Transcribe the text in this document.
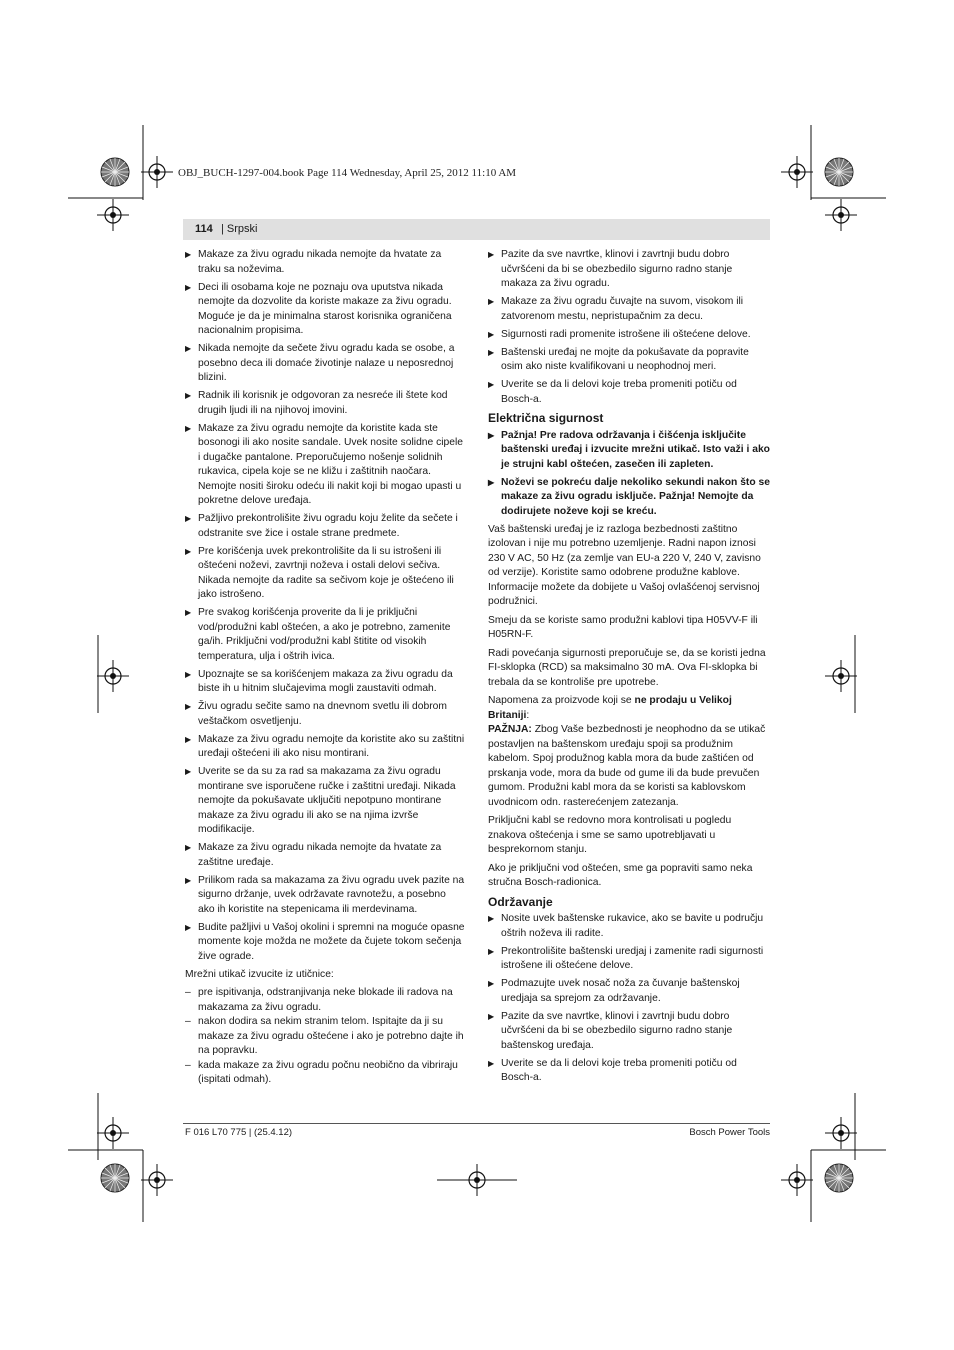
OBJ_BUCH-1297-004.book Page 114 Wednesday, April 25, 2012 11:10 AM
114 | Srpski
▶ Makaze za živu ogradu nikada nemojte da hvatate za traku sa noževima.
▶ Deci ili osobama koje ne poznaju ova uputstva nikada nemojte da dozvolite da koriste makaze za živu ogradu. Moguće je da je minimalna starost korisnika ograničena nacionalnim propisima.
▶ Nikada nemojte da sečete živu ogradu kada se osobe, a posebno deca ili domaće životinje nalaze u neposrednoj blizini.
▶ Radnik ili korisnik je odgovoran za nesreće ili štete kod drugih ljudi ili na njihovoj imovini.
▶ Makaze za živu ogradu nemojte da koristite kada ste bosonogi ili ako nosite sandale. Uvek nosite solidne cipele i dugačke pantalone. Preporučujemo nošenje solidnih rukavica, cipela koje se ne kližu i zaštitnih naočara. Nemojte nositi široku odeću ili nakit koji bi mogao upasti u pokretne delove uređaja.
▶ Pažljivo prekontrolišite živu ogradu koju želite da sečete i odstranite sve žice i ostale strane predmete.
▶ Pre korišćenja uvek prekontrolišite da li su istrošeni ili oštećeni noževi, zavrtnji noževa i ostali delovi sečiva. Nikada nemojte da radite sa sečivom koje je oštećeno ili jako istrošeno.
▶ Pre svakog korišćenja proverite da li je priključni vod/produžni kabl oštećen, a ako je potrebno, zamenite ga/ih. Priključni vod/produžni kabl štitite od visokih temperatura, ulja i oštrih ivica.
▶ Upoznajte se sa korišćenjem makaza za živu ogradu da biste ih u hitnim slučajevima mogli zaustaviti odmah.
▶ Živu ogradu sečite samo na dnevnom svetlu ili dobrom veštačkom osvetljenju.
▶ Makaze za živu ogradu nemojte da koristite ako su zaštitni uređaji oštećeni ili ako nisu montirani.
▶ Uverite se da su za rad sa makazama za živu ogradu montirane sve isporučene ručke i zaštitni uređaji. Nikada nemojte da pokušavate uključiti nepotpuno montirane makaze za živu ogradu ili ako se na njima izvrše modifikacije.
▶ Makaze za živu ogradu nikada nemojte da hvatate za zaštitne uređaje.
▶ Prilikom rada sa makazama za živu ogradu uvek pazite na sigurno držanje, uvek održavate ravnotežu, a posebno ako ih koristite na stepenicama ili merdevinama.
▶ Budite pažljivi u Vašoj okolini i spremni na moguće opasne momente koje možda ne možete da čujete tokom sečenja žive ograde.

Mrežni utikač izvucite iz utičnice:

– pre ispitivanja, odstranjivanja neke blokade ili radova na makazama za živu ogradu.
– nakon dodira sa nekim stranim telom. Ispitajte da ji su makaze za živu ogradu oštećene i ako je potrebno dajte ih na popravku.
– kada makaze za živu ogradu počnu neobično da vibriraju (ispitati odmah).
▶ Pazite da sve navrtke, klinovi i zavrtnji budu dobro učvršćeni da bi se obezbedilo sigurno radno stanje makaza za živu ogradu.
▶ Makaze za živu ogradu čuvajte na suvom, visokom ili zatvorenom mestu, nepristupačnim za decu.
▶ Sigurnosti radi promenite istrošene ili oštećene delove.
▶ Baštenski uređaj ne mojte da pokušavate da popravite osim ako niste kvalifikovani u neophodnoj meri.
▶ Uverite se da li delovi koje treba promeniti potiču od Bosch-a.
Električna sigurnost
▶ Pažnja! Pre radova održavanja i čišćenja isključite baštenski uređaj i izvucite mrežni utikač. Isto važi i ako je strujni kabl oštećen, zasečen ili zapleten.
▶ Noževi se pokreću dalje nekoliko sekundi nakon što se makaze za živu ogradu isključe. Pažnja! Nemojte da dodirujete noževe koji se kreću.

Vaš baštenski uređaj je iz razloga bezbednosti zaštitno izolovan i nije mu potrebno uzemljenje. Radni napon iznosi 230 V AC, 50 Hz (za zemlje van EU-a 220 V, 240 V, zavisno od verzije). Koristite samo odobrene produžne kablove. Informacije možete da dobijete u Vašoj ovlašćenoj servisnoj podružnici.

Smeju da se koriste samo produžni kablovi tipa H05VV-F ili H05RN-F.

Radi povećanja sigurnosti preporučuje se, da se koristi jedna FI-sklopka (RCD) sa maksimalno 30 mA. Ova FI-sklopka bi trebala da se kontroliše pre upotrebe.

Napomena za proizvode koji se ne prodaju u Velikoj Britaniji:

PAŽNJA: Zbog Vaše bezbednosti je neophodno da se utikač postavljen na baštenskom uređaju spoji sa produžnim kabelom. Spoj produžnog kabla mora da bude zaštićen od prskanja vode, mora da bude od gume ili da bude prevučen gumom. Produžni kabl mora da se koristi sa kablovskom uvodnicom odn. rasterećenjem zatezanja.

Priključni kabl se redovno mora kontrolisati u pogledu znakova oštećenja i sme se samo upotrebljavati u besprekornom stanju.

Ako je priključni vod oštećen, sme ga popraviti samo neka stručna Bosch-radionica.

Održavanje
▶ Nosite uvek baštenske rukavice, ako se bavite u području oštrih noževa ili radite.
▶ Prekontrolišite baštenski uredjaj i zamenite radi sigurnosti istrošene ili oštećene delove.
▶ Podmazujte uvek nosač noža za čuvanje baštenskoj uredjaja sa sprejom za održavanje.
▶ Pazite da sve navrtke, klinovi i zavrtnji budu dobro učvršćeni da bi se obezbedilo sigurno radno stanje baštenskog uređaja.
▶ Uverite se da li delovi koje treba promeniti potiču od Bosch-a.
F 016 L70 775 | (25.4.12)	Bosch Power Tools
